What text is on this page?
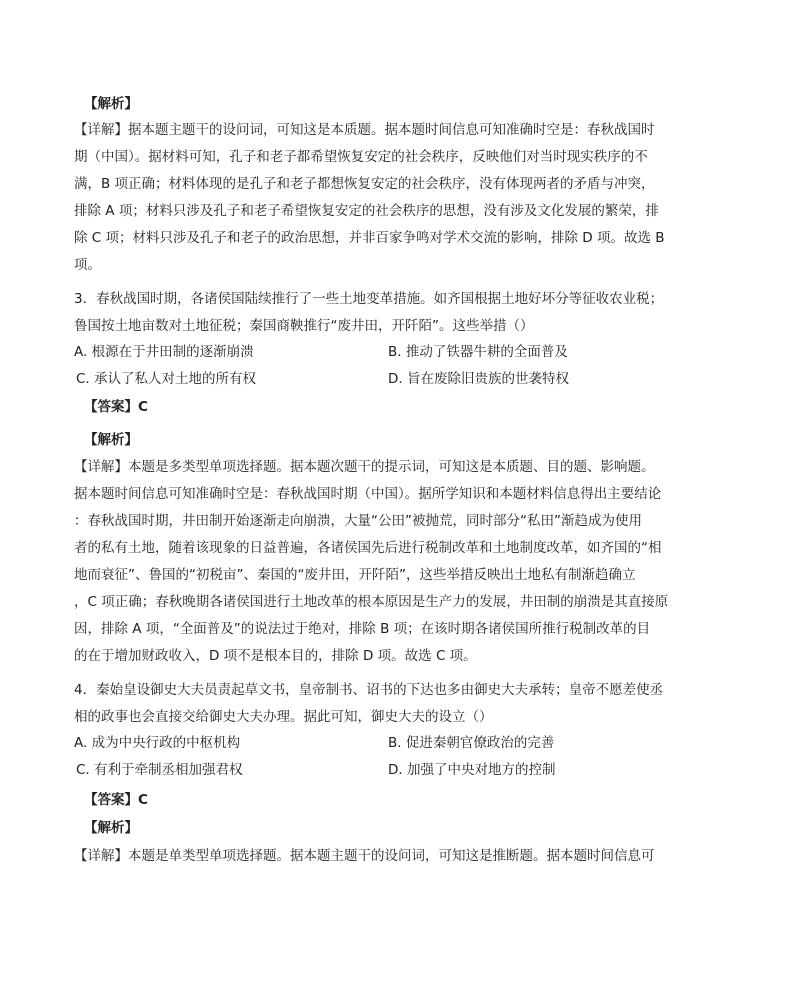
【解析】
【详解】据本题主题干的设问词，可知这是本质题。据本题时间信息可知准确时空是：春秋战国时
期（中国）。据材料可知，孔子和老子都希望恢复安定的社会秩序，反映他们对当时现实秩序的不
满，B 项正确；材料体现的是孔子和老子都想恢复安定的社会秩序，没有体现两者的矛盾与冲突，
排除 A 项；材料只涉及孔子和老子希望恢复安定的社会秩序的思想，没有涉及文化发展的繁荣，排
除 C 项；材料只涉及孔子和老子的政治思想，并非百家争鸣对学术交流的影响，排除 D 项。故选 B
项。
3．春秋战国时期，各诸侯国陆续推行了一些土地变革措施。如齐国根据土地好坏分等征收农业税；
鲁国按土地亩数对土地征税；秦国商鞅推行“废井田，开阡陌”。这些举措（）
A. 根源在于井田制的逐渐崩溃	B. 推动了铁器牛耕的全面普及
C. 承认了私人对土地的所有权	D. 旨在废除旧贵族的世袭特权
【答案】C
【解析】
【详解】本题是多类型单项选择题。据本题次题干的提示词，可知这是本质题、目的题、影响题。
据本题时间信息可知准确时空是：春秋战国时期（中国）。据所学知识和本题材料信息得出主要结论
：春秋战国时期，井田制开始逐渐走向崩溃，大量“公田”被抛荒，同时部分“私田”渐趋成为使用
者的私有土地，随着该现象的日益普遍，各诸侯国先后进行税制改革和土地制度改革，如齐国的“相
地而衰征”、鲁国的“初税亩”、秦国的“废井田，开阡陌”，这些举措反映出土地私有制渐趋确立
，C 项正确；春秋晚期各诸侯国进行土地改革的根本原因是生产力的发展，井田制的崩溃是其直接原
因，排除 A 项，“全面普及”的说法过于绝对，排除 B 项；在该时期各诸侯国所推行税制改革的目
的在于增加财政收入，D 项不是根本目的，排除 D 项。故选 C 项。
4．秦始皇设御史大夫员责起草文书，皇帝制书、诏书的下达也多由御史大夫承转；皇帝不愿差使丞
相的政事也会直接交给御史大夫办理。据此可知，御史大夫的设立（）
A. 成为中央行政的中枢机构	B. 促进秦朝官僚政治的完善
C. 有利于牵制丞相加强君权	D. 加强了中央对地方的控制
【答案】C
【解析】
【详解】本题是单类型单项选择题。据本题主题干的设问词，可知这是推断题。据本题时间信息可
